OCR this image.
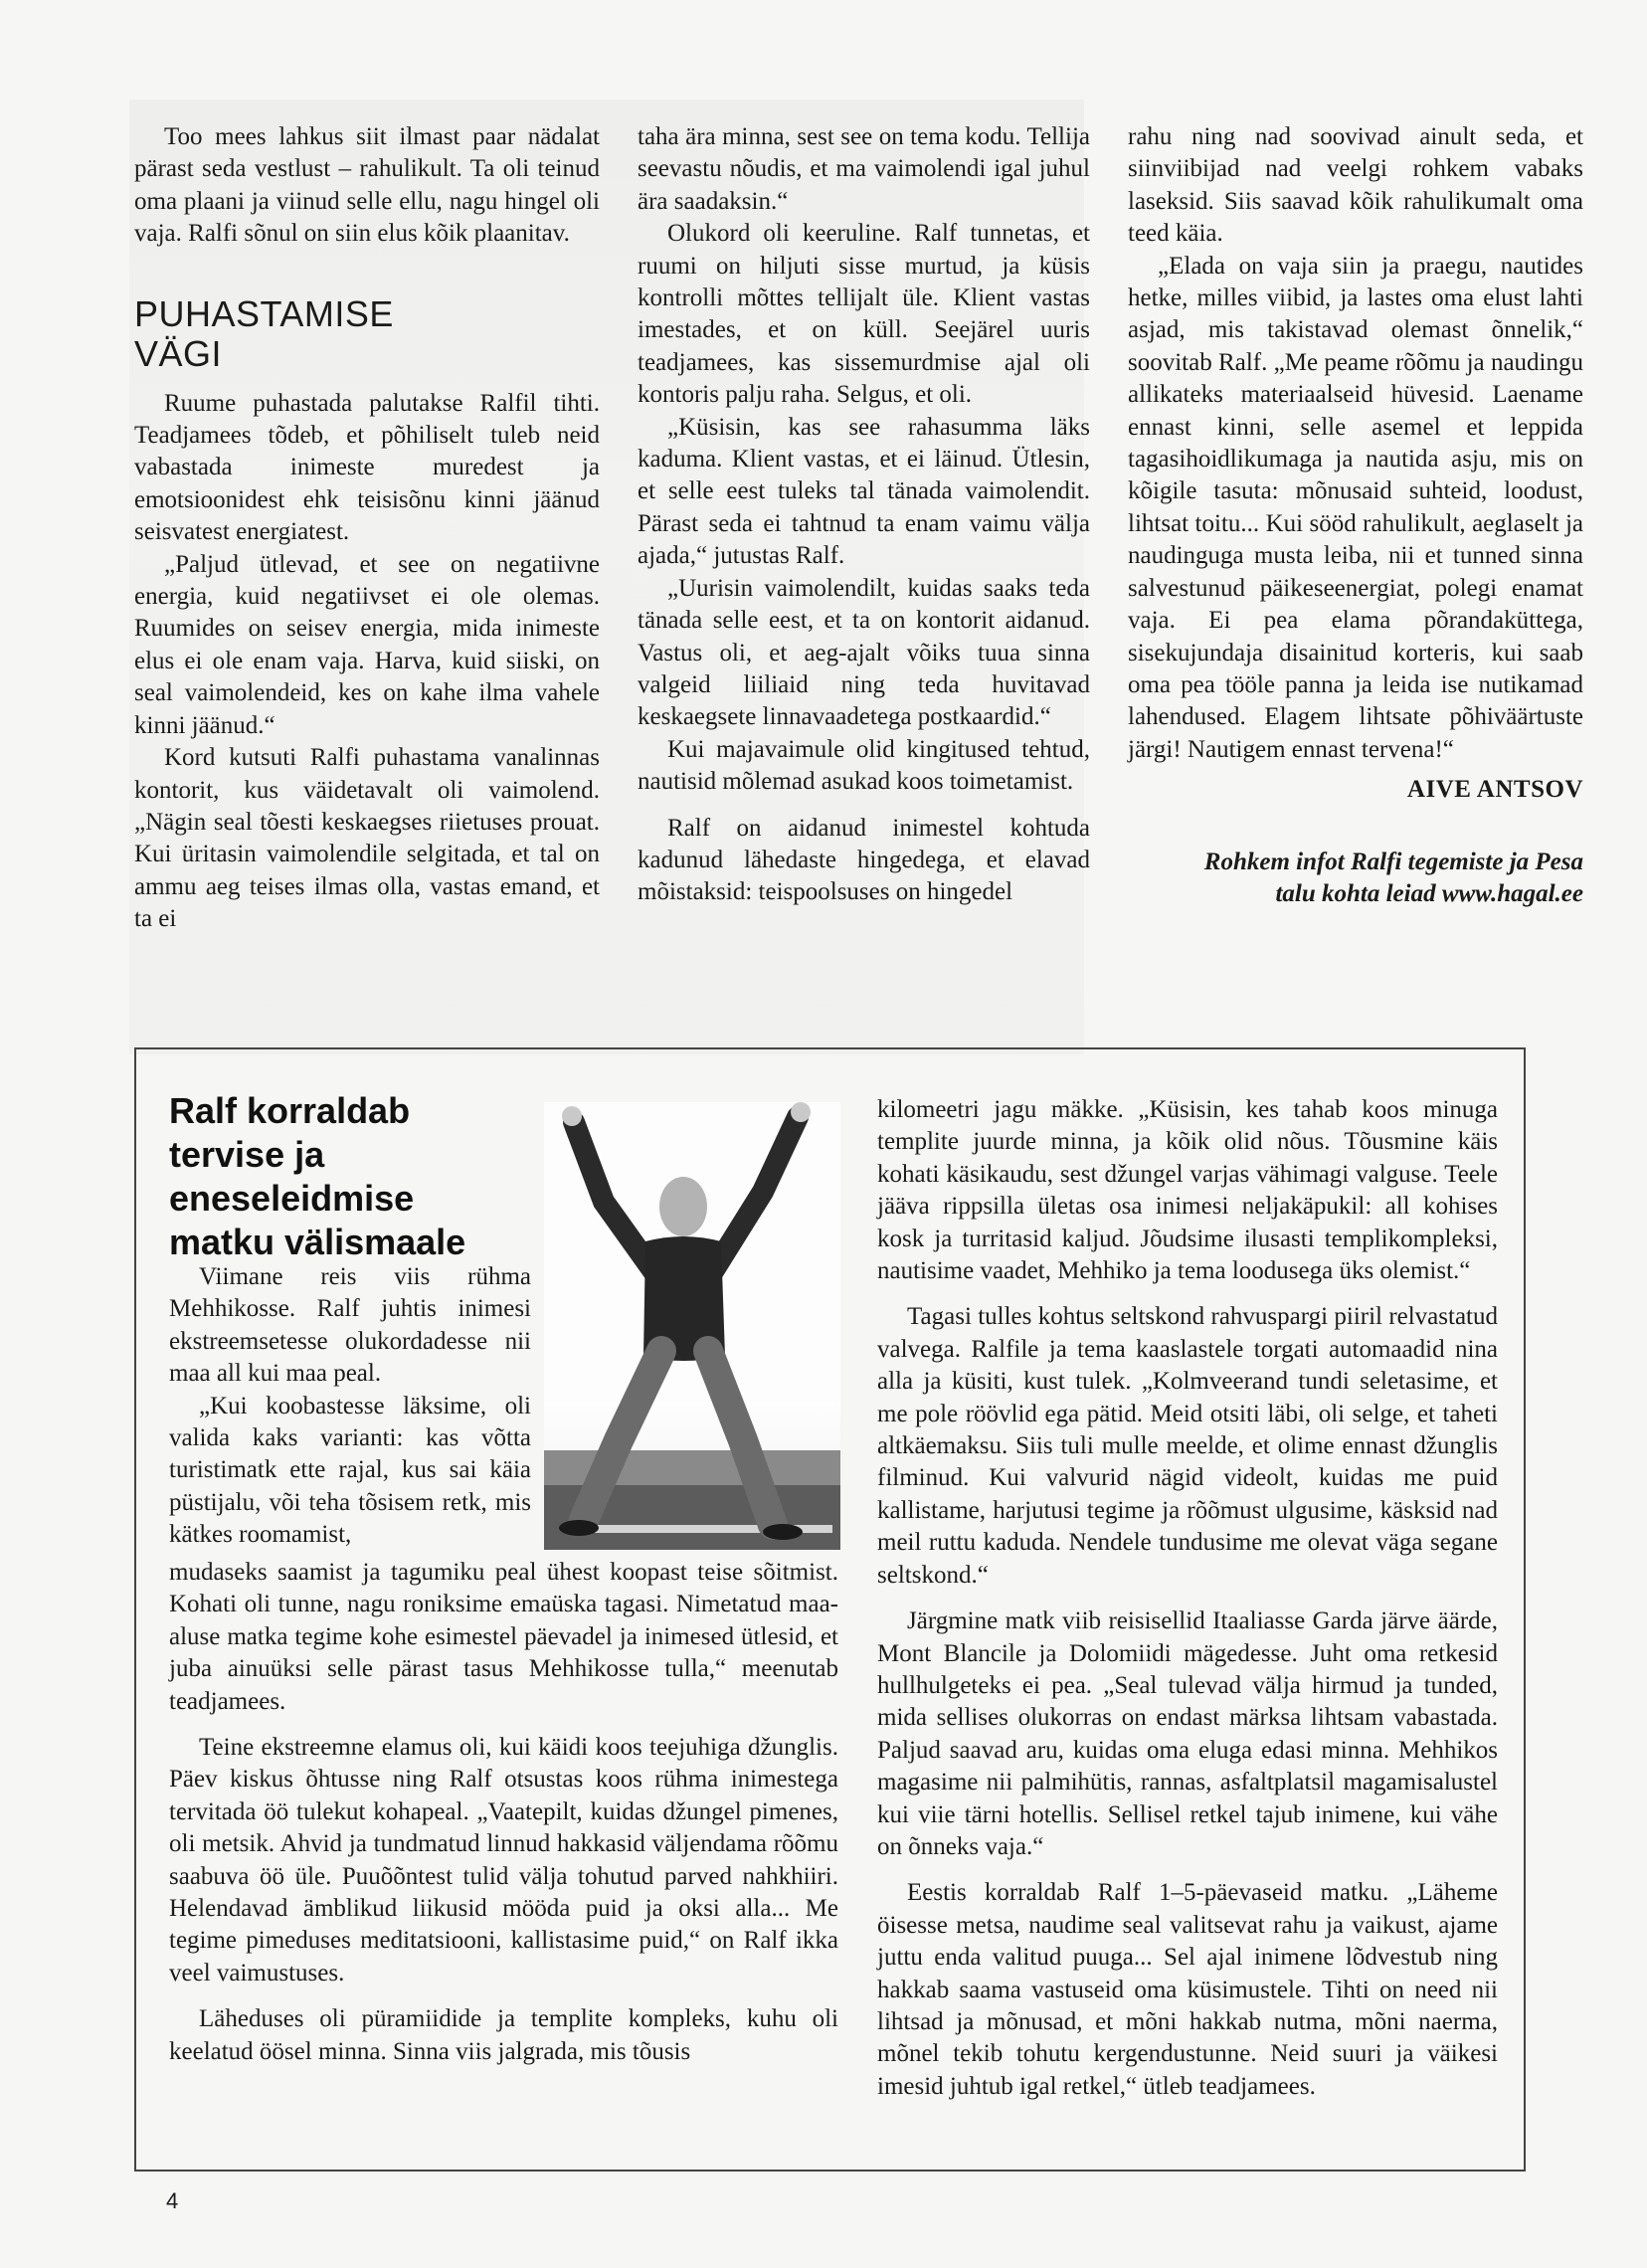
Too mees lahkus siit ilmast paar nädalat pärast seda vestlust – rahulikult. Ta oli teinud oma plaani ja viinud selle ellu, nagu hingel oli vaja. Ralfi sõnul on siin elus kõik plaanitav.

PUHASTAMISE VÄGI

Ruume puhastada palutakse Ralfil tihti. Teadjamees tõdeb, et põhiliselt tuleb neid vabastada inimeste muredest ja emotsioonidest ehk teisisõnu kinni jäänud seisvatest energiatest.

„Paljud ütlevad, et see on negatiivne energia, kuid negatiivset ei ole olemas. Ruumides on seisev energia, mida inimeste elus ei ole enam vaja. Harva, kuid siiski, on seal vaimolendeid, kes on kahe ilma vahele kinni jäänud.“

Kord kutsuti Ralfi puhastama vanalinnas kontorit, kus väidetavalt oli vaimolend. „Nägin seal tõesti keskaegses riietuses prouat. Kui üritasin vaimolendile selgitada, et tal on ammu aeg teises ilmas olla, vastas emand, et ta ei

taha ära minna, sest see on tema kodu. Tellija seevastu nõudis, et ma vaimolendi igal juhul ära saadaksin.“

Olukord oli keeruline. Ralf tunnetas, et ruumi on hiljuti sisse murtud, ja küsis kontrolli mõttes tellijalt üle. Klient vastas imestades, et on küll. Seejärel uuris teadjamees, kas sissemurdmise ajal oli kontoris palju raha. Selgus, et oli.

„Küsisin, kas see rahasumma läks kaduma. Klient vastas, et ei läinud. Ütlesin, et selle eest tuleks tal tänada vaimolendit. Pärast seda ei tahtnud ta enam vaimu välja ajada,“ jutustas Ralf.

„Uurisin vaimolendilt, kuidas saaks teda tänada selle eest, et ta on kontorit aidanud. Vastus oli, et aeg-ajalt võiks tuua sinna valgeid liiliaid ning teda huvitavad keskaegsete linnavaadetega postkaardid.“

Kui majavaimule olid kingitused tehtud, nautisid mõlemad asukad koos toimetamist.

Ralf on aidanud inimestel kohtuda kadunud lähedaste hingedega, et elavad mõistaksid: teispoolsuses on hingedel

rahu ning nad soovivad ainult seda, et siinviibijad nad veelgi rohkem vabaks laseksid. Siis saavad kõik rahulikumalt oma teed käia.

„Elada on vaja siin ja praegu, nautides hetke, milles viibid, ja lastes oma elust lahti asjad, mis takistavad olemast õnnelik,“ soovitab Ralf. „Me peame rõõmu ja naudingu allikateks materiaalseid hüvesid. Laename ennast kinni, selle asemel et leppida tagasihoidlikumaga ja nautida asju, mis on kõigile tasuta: mõnusaid suhteid, loodust, lihtsat toitu... Kui sööd rahulikult, aeglaselt ja naudinguga musta leiba, nii et tunned sinna salvestunud päikeseenergiat, polegi enamat vaja. Ei pea elama põrandaküttega, sisekujundaja disainitud korteris, kui saab oma pea tööle panna ja leida ise nutikamad lahendused. Elagem lihtsate põhiväärtuste järgi! Nautigem ennast tervena!“

AIVE ANTSOV
Rohkem infot Ralfi tegemiste ja Pesa talu kohta leiad www.hagal.ee
Ralf korraldab tervise ja eneseleidmise matku välismaale

Viimane reis viis rühma Mehhikosse. Ralf juhtis inimesi ekstreemsetesse olukordadesse nii maa all kui maa peal.

„Kui koobastesse läksime, oli valida kaks varianti: kas võtta turistimatk ette rajal, kus sai käia püstijalu, või teha tõsisem retk, mis kätkes roomamist,

mudaseks saamist ja tagumiku peal ühest koopast teise sõitmist. Kohati oli tunne, nagu roniksime emaüska tagasi. Nimetatud maa-aluse matka tegime kohe esimestel päevadel ja inimesed ütlesid, et juba ainuüksi selle pärast tasus Mehhikosse tulla,“ meenutab teadjamees.

Teine ekstreemne elamus oli, kui käidi koos teejuhiga džunglis. Päev kiskus õhtusse ning Ralf otsustas koos rühma inimestega tervitada öö tulekut kohapeal. „Vaatepilt, kuidas džungel pimenes, oli metsik. Ahvid ja tundmatud linnud hakkasid väljendama rõõmu saabuva öö üle. Puuõõntest tulid välja tohutud parved nahkhiiri. Helendavad ämblikud liikusid mööda puid ja oksi alla... Me tegime pimeduses meditatsiooni, kallistasime puid,“ on Ralf ikka veel vaimustuses.

Läheduses oli püramiidide ja templite kompleks, kuhu oli keelatud öösel minna. Sinna viis jalgrada, mis tõusis

kilomeetri jagu mäkke. „Küsisin, kes tahab koos minuga templite juurde minna, ja kõik olid nõus. Tõusmine käis kohati käsikaudu, sest džungel varjas vähimagi valguse. Teele jääva rippsilla ületas osa inimesi neljakäpukil: all kohises kosk ja turritasid kaljud. Jõudsime ilusasti templikompleksi, nautisime vaadet, Mehhiko ja tema loodusega üks olemist.“

Tagasi tulles kohtus seltskond rahvuspargi piiril relvastatud valvega. Ralfile ja tema kaaslastele torgati automaadid nina alla ja küsiti, kust tulek. „Kolmveerand tundi seletasime, et me pole röövlid ega pätid. Meid otsiti läbi, oli selge, et taheti altkäemaksu. Siis tuli mulle meelde, et olime ennast džunglis filminud. Kui valvurid nägid videolt, kuidas me puid kallistame, harjutusi tegime ja rõõmust ulgusime, käsksid nad meil ruttu kaduda. Nendele tundusime me olevat väga segane seltskond.“

Järgmine matk viib reisisellid Itaaliasse Garda järve äärde, Mont Blancile ja Dolomiidi mägedesse. Juht oma retkesid hullhulgeteks ei pea. „Seal tulevad välja hirmud ja tunded, mida sellises olukorras on endast märksa lihtsam vabastada. Paljud saavad aru, kuidas oma eluga edasi minna. Mehhikos magasime nii palmihütis, rannas, asfaltplatsil magamisalustel kui viie tärni hotellis. Sellisel retkel tajub inimene, kui vähe on õnneks vaja.“

Eestis korraldab Ralf 1–5-päevaseid matku. „Läheme öisesse metsa, naudime seal valitsevat rahu ja vaikust, ajame juttu enda valitud puuga... Sel ajal inimene lõdvestub ning hakkab saama vastuseid oma küsimustele. Tihti on need nii lihtsad ja mõnusad, et mõni hakkab nutma, mõni naerma, mõnel tekib tohutu kergendustunne. Neid suuri ja väikesi imesid juhtub igal retkel,“ ütleb teadjamees.

4
